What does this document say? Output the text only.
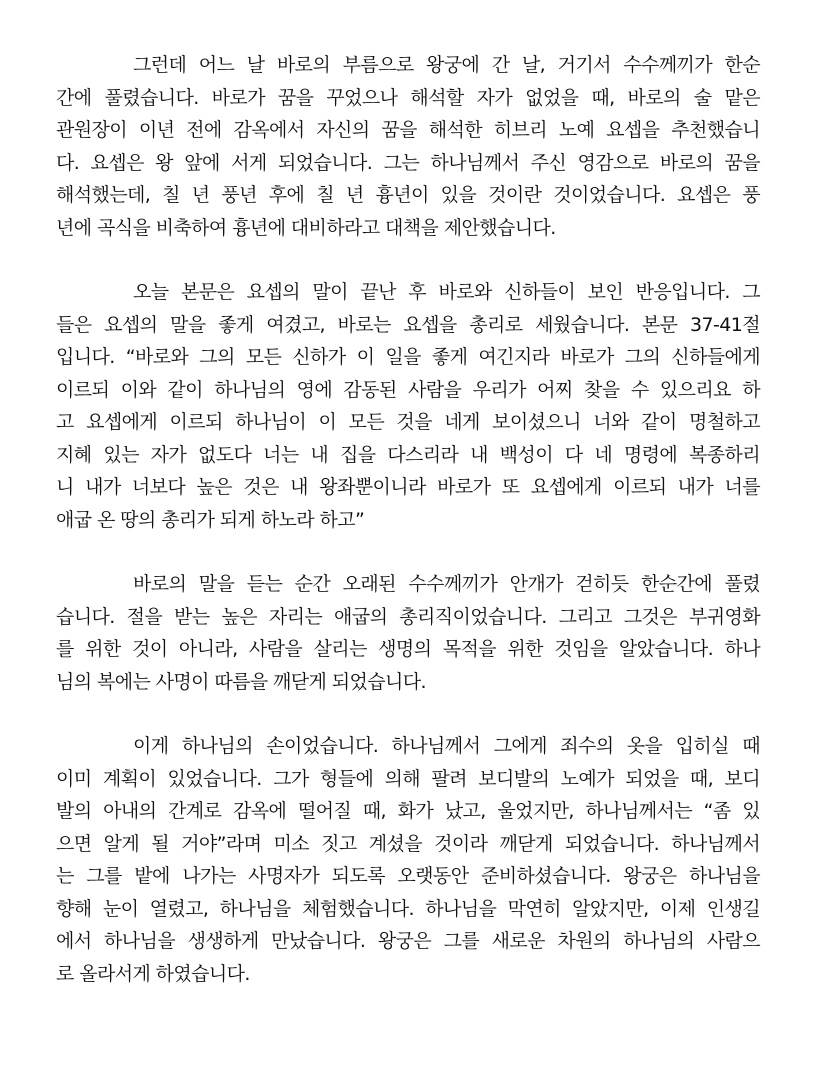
그런데 어느 날 바로의 부름으로 왕궁에 간 날, 거기서 수수께끼가 한순
간에 풀렸습니다. 바로가 꿈을 꾸었으나 해석할 자가 없었을 때, 바로의 술 맡은
관원장이 이년 전에 감옥에서 자신의 꿈을 해석한 히브리 노예 요셉을 추천했습니
다. 요셉은 왕 앞에 서게 되었습니다. 그는 하나님께서 주신 영감으로 바로의 꿈을
해석했는데, 칠 년 풍년 후에 칠 년 흉년이 있을 것이란 것이었습니다. 요셉은 풍
년에 곡식을 비축하여 흉년에 대비하라고 대책을 제안했습니다.
오늘 본문은 요셉의 말이 끝난 후 바로와 신하들이 보인 반응입니다. 그
들은 요셉의 말을 좋게 여겼고, 바로는 요셉을 총리로 세웠습니다. 본문 37-41절
입니다. “바로와 그의 모든 신하가 이 일을 좋게 여긴지라 바로가 그의 신하들에게
이르되 이와 같이 하나님의 영에 감동된 사람을 우리가 어찌 찾을 수 있으리요 하
고 요셉에게 이르되 하나님이 이 모든 것을 네게 보이셨으니 너와 같이 명철하고
지혜 있는 자가 없도다 너는 내 집을 다스리라 내 백성이 다 네 명령에 복종하리
니 내가 너보다 높은 것은 내 왕좌뿐이니라 바로가 또 요셉에게 이르되 내가 너를
애굽 온 땅의 총리가 되게 하노라 하고”
바로의 말을 듣는 순간 오래된 수수께끼가 안개가 걷히듯 한순간에 풀렸
습니다. 절을 받는 높은 자리는 애굽의 총리직이었습니다. 그리고 그것은 부귀영화
를 위한 것이 아니라, 사람을 살리는 생명의 목적을 위한 것임을 알았습니다. 하나
님의 복에는 사명이 따름을 깨닫게 되었습니다.
이게 하나님의 손이었습니다. 하나님께서 그에게 죄수의 옷을 입히실 때
이미 계획이 있었습니다. 그가 형들에 의해 팔려 보디발의 노예가 되었을 때, 보디
발의 아내의 간계로 감옥에 떨어질 때, 화가 났고, 울었지만, 하나님께서는 “좀 있
으면 알게 될 거야”라며 미소 짓고 계셨을 것이라 깨닫게 되었습니다. 하나님께서
는 그를 밭에 나가는 사명자가 되도록 오랫동안 준비하셨습니다. 왕궁은 하나님을
향해 눈이 열렸고, 하나님을 체험했습니다. 하나님을 막연히 알았지만, 이제 인생길
에서 하나님을 생생하게 만났습니다. 왕궁은 그를 새로운 차원의 하나님의 사람으
로 올라서게 하였습니다.
